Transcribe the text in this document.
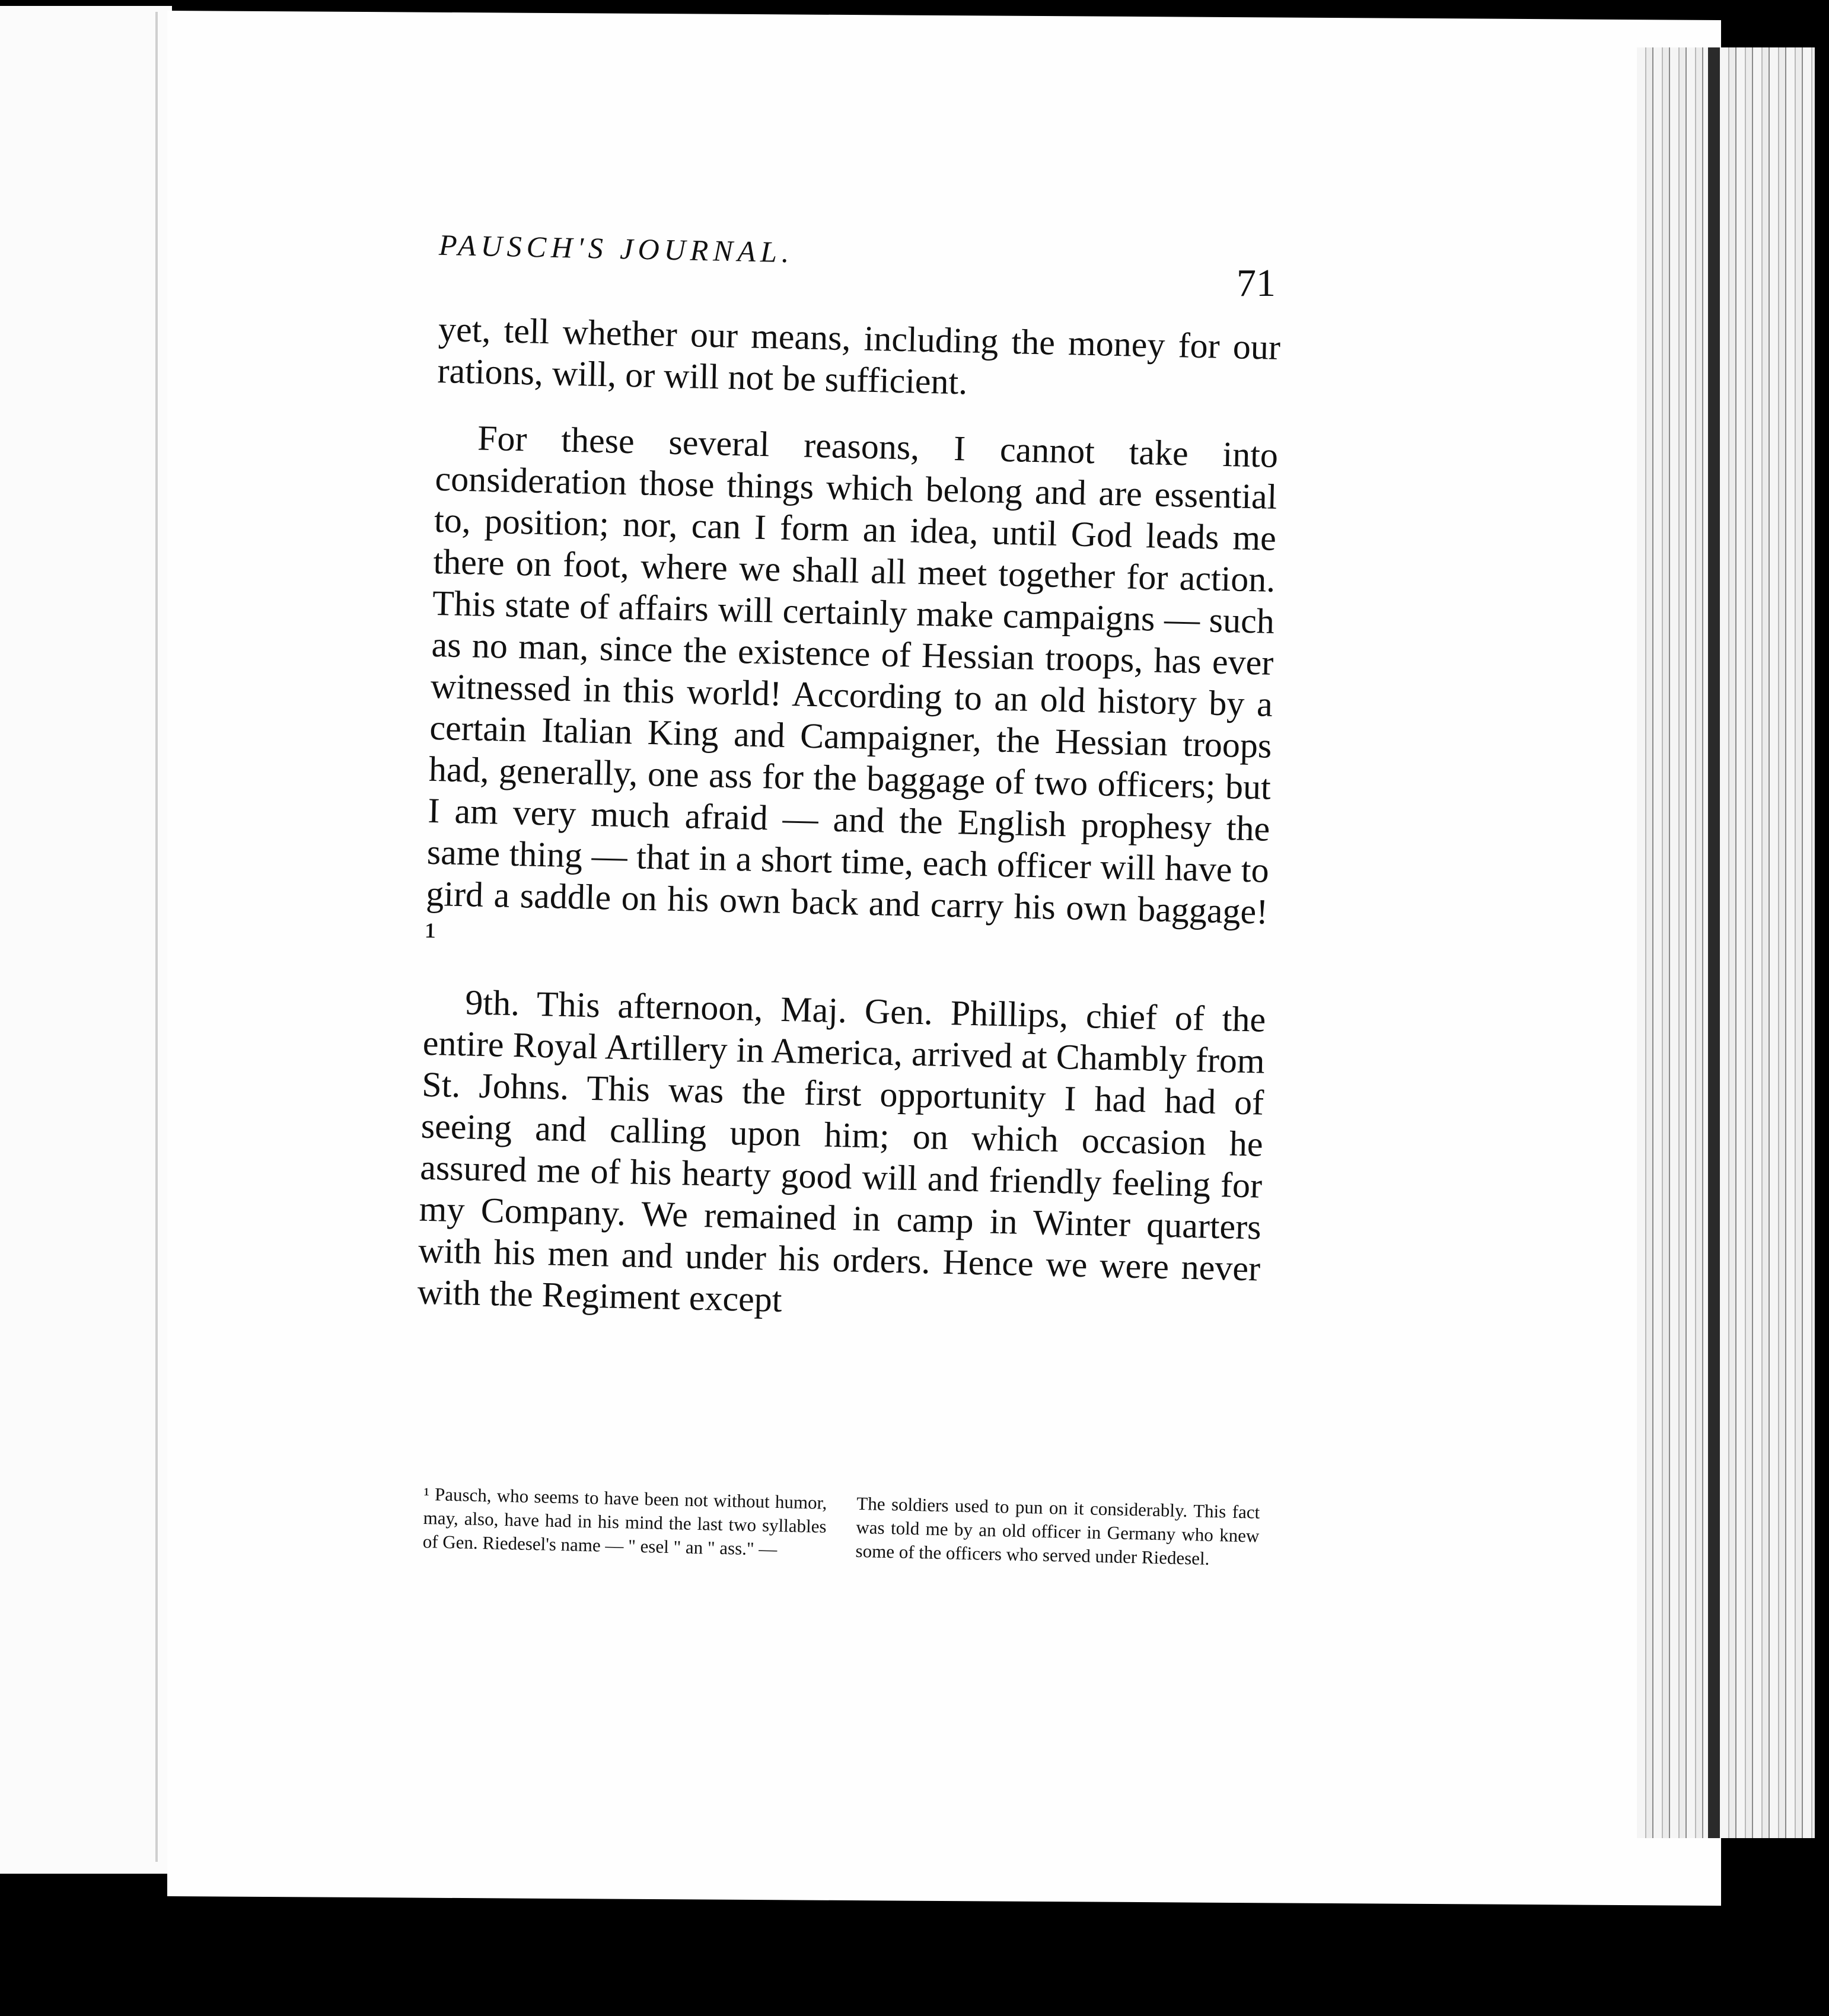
PAUSCH'S JOURNAL.
71

yet, tell whether our means, including the money for our rations, will, or will not be sufficient.

For these several reasons, I cannot take into consideration those things which belong and are essential to, position; nor, can I form an idea, until God leads me there on foot, where we shall all meet together for action. This state of affairs will certainly make campaigns — such as no man, since the existence of Hessian troops, has ever witnessed in this world! According to an old history by a certain Italian King and Campaigner, the Hessian troops had, generally, one ass for the baggage of two officers; but I am very much afraid — and the English prophesy the same thing — that in a short time, each officer will have to gird a saddle on his own back and carry his own baggage! ¹

9th. This afternoon, Maj. Gen. Phillips, chief of the entire Royal Artillery in America, arrived at Chambly from St. Johns. This was the first opportunity I had had of seeing and calling upon him; on which occasion he assured me of his hearty good will and friendly feeling for my Company. We remained in camp in Winter quarters with his men and under his orders. Hence we were never with the Regiment except

¹ Pausch, who seems to have been not without humor, may, also, have had in his mind the last two syllables of Gen. Riedesel's name — " esel " an " ass." —
The soldiers used to pun on it considerably. This fact was told me by an old officer in Germany who knew some of the officers who served under Riedesel.
